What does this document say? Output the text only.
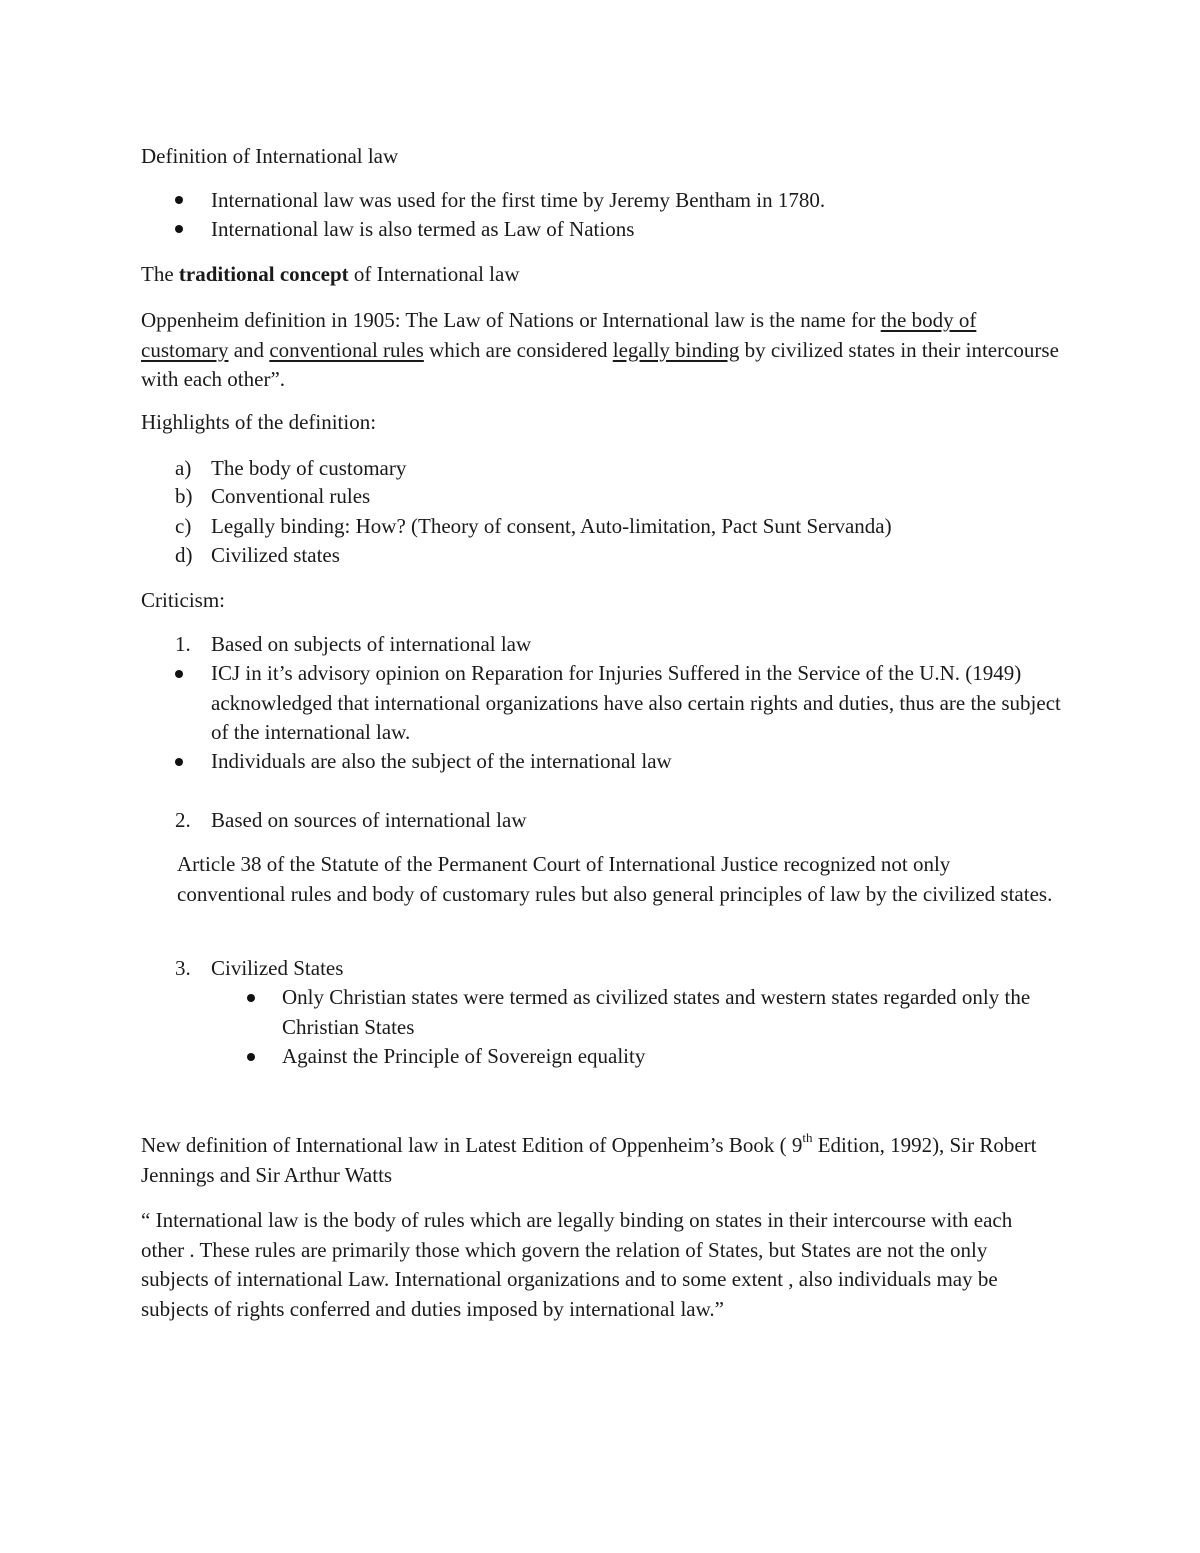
Definition of International law
International law was used for the first time by Jeremy Bentham in 1780.
International law is also termed as Law of Nations
The traditional concept of International law
Oppenheim definition in 1905: The Law of Nations or International law is the name for the body of customary and conventional rules which are considered legally binding by civilized states in their intercourse with each other”.
Highlights of the definition:
a) The body of customary
b) Conventional rules
c) Legally binding: How? (Theory of consent, Auto-limitation, Pact Sunt Servanda)
d) Civilized states
Criticism:
1. Based on subjects of international law
ICJ in it’s advisory opinion on Reparation for Injuries Suffered in the Service of the U.N. (1949) acknowledged that international organizations have also certain rights and duties, thus are the subject of the international law.
Individuals are also the subject of the international law
2. Based on sources of international law
Article 38 of the Statute of the Permanent Court of International Justice recognized not only conventional rules and body of customary rules but also general principles of law by the civilized states.
3. Civilized States
Only Christian states were termed as civilized states and western states regarded only the Christian States
Against the Principle of Sovereign equality
New definition of International law in Latest Edition of Oppenheim’s Book ( 9th Edition, 1992), Sir Robert Jennings and Sir Arthur Watts
“ International law is the body of rules which are legally binding on states in their intercourse with each other . These rules are primarily those which govern the relation of States, but States are not the only subjects of international Law. International organizations and to some extent , also individuals may be subjects of rights conferred and duties imposed by international law.”
